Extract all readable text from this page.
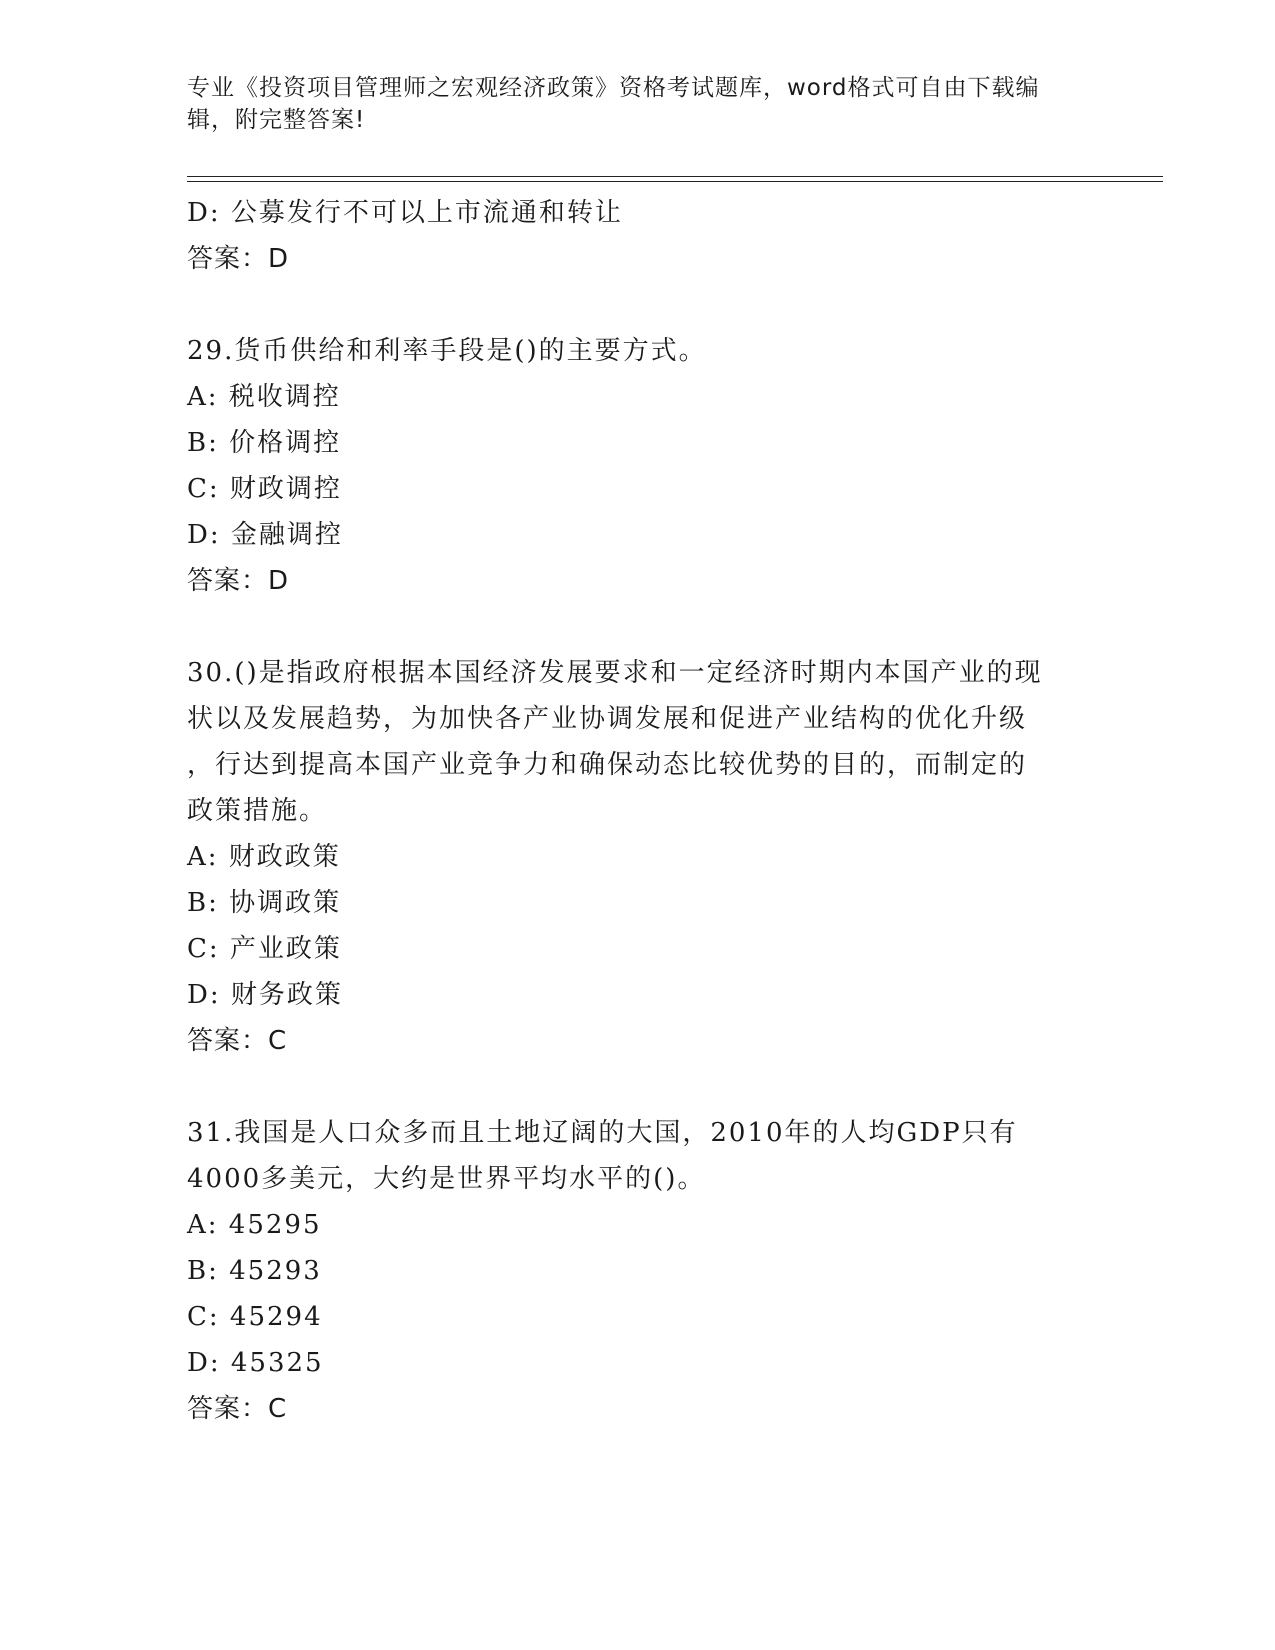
专业《投资项目管理师之宏观经济政策》资格考试题库，word格式可自由下载编
辑，附完整答案!
D: 公募发行不可以上市流通和转让
答案：D
29.货币供给和利率手段是()的主要方式。
A: 税收调控
B: 价格调控
C: 财政调控
D: 金融调控
答案：D
30.()是指政府根据本国经济发展要求和一定经济时期内本国产业的现
状以及发展趋势，为加快各产业协调发展和促进产业结构的优化升级
，行达到提高本国产业竞争力和确保动态比较优势的目的，而制定的
政策措施。
A: 财政政策
B: 协调政策
C: 产业政策
D: 财务政策
答案：C
31.我国是人口众多而且土地辽阔的大国，2010年的人均GDP只有
4000多美元，大约是世界平均水平的()。
A: 45295
B: 45293
C: 45294
D: 45325
答案：C
